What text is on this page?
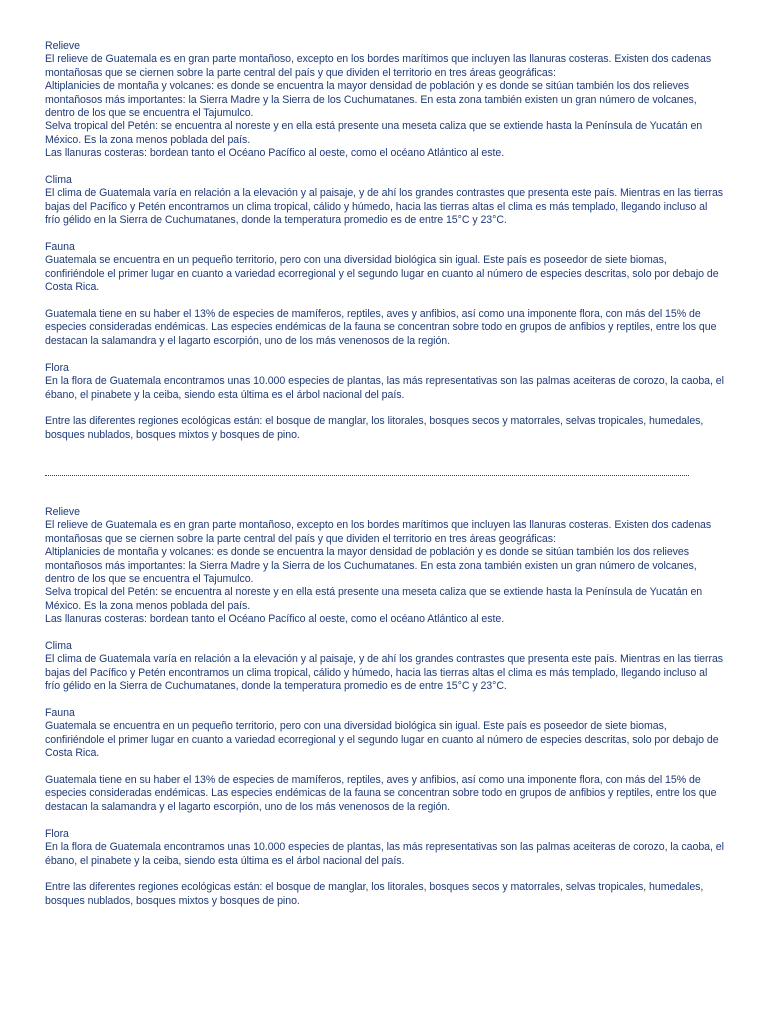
Relieve
El relieve de Guatemala es en gran parte montañoso, excepto en los bordes marítimos que incluyen las llanuras costeras. Existen dos cadenas montañosas que se ciernen sobre la parte central del país y que dividen el territorio en tres áreas geográficas:
Altiplanicies de montaña y volcanes: es donde se encuentra la mayor densidad de población y es donde se sitúan también los dos relieves montañosos más importantes: la Sierra Madre y la Sierra de los Cuchumatanes. En esta zona también existen un gran número de volcanes, dentro de los que se encuentra el Tajumulco.
Selva tropical del Petén: se encuentra al noreste y en ella está presente una meseta caliza que se extiende hasta la Península de Yucatán en México. Es la zona menos poblada del país.
Las llanuras costeras: bordean tanto el Océano Pacífico al oeste, como el océano Atlántico al este.
Clima
El clima de Guatemala varía en relación a la elevación y al paisaje, y de ahí los grandes contrastes que presenta este país. Mientras en las tierras bajas del Pacífico y Petén encontramos un clima tropical, cálido y húmedo, hacia las tierras altas el clima es más templado, llegando incluso al frío gélido en la Sierra de Cuchumatanes, donde la temperatura promedio es de entre 15°C y 23°C.
Fauna

Guatemala se encuentra en un pequeño territorio, pero con una diversidad biológica sin igual. Este país es poseedor de siete biomas, confiriéndole el primer lugar en cuanto a variedad ecorregional y el segundo lugar en cuanto al número de especies descritas, solo por debajo de Costa Rica.

Guatemala tiene en su haber el 13% de especies de mamíferos, reptiles, aves y anfibios, así como una imponente flora, con más del 15% de especies consideradas endémicas. Las especies endémicas de la fauna se concentran sobre todo en grupos de anfibios y reptiles, entre los que destacan la salamandra y el lagarto escorpión, uno de los más venenosos de la región.

Flora

En la flora de Guatemala encontramos unas 10.000 especies de plantas, las más representativas son las palmas aceiteras de corozo, la caoba, el ébano, el pinabete y la ceiba, siendo esta última es el árbol nacional del país.

Entre las diferentes regiones ecológicas están: el bosque de manglar, los litorales, bosques secos y matorrales, selvas tropicales, humedales, bosques nublados, bosques mixtos y bosques de pino.

Relieve
El relieve de Guatemala es en gran parte montañoso, excepto en los bordes marítimos que incluyen las llanuras costeras. Existen dos cadenas montañosas que se ciernen sobre la parte central del país y que dividen el territorio en tres áreas geográficas:
Altiplanicies de montaña y volcanes: es donde se encuentra la mayor densidad de población y es donde se sitúan también los dos relieves montañosos más importantes: la Sierra Madre y la Sierra de los Cuchumatanes. En esta zona también existen un gran número de volcanes, dentro de los que se encuentra el Tajumulco.
Selva tropical del Petén: se encuentra al noreste y en ella está presente una meseta caliza que se extiende hasta la Península de Yucatán en México. Es la zona menos poblada del país.
Las llanuras costeras: bordean tanto el Océano Pacífico al oeste, como el océano Atlántico al este.
Clima
El clima de Guatemala varía en relación a la elevación y al paisaje, y de ahí los grandes contrastes que presenta este país. Mientras en las tierras bajas del Pacífico y Petén encontramos un clima tropical, cálido y húmedo, hacia las tierras altas el clima es más templado, llegando incluso al frío gélido en la Sierra de Cuchumatanes, donde la temperatura promedio es de entre 15°C y 23°C.
Fauna

Guatemala se encuentra en un pequeño territorio, pero con una diversidad biológica sin igual. Este país es poseedor de siete biomas, confiriéndole el primer lugar en cuanto a variedad ecorregional y el segundo lugar en cuanto al número de especies descritas, solo por debajo de Costa Rica.

Guatemala tiene en su haber el 13% de especies de mamíferos, reptiles, aves y anfibios, así como una imponente flora, con más del 15% de especies consideradas endémicas. Las especies endémicas de la fauna se concentran sobre todo en grupos de anfibios y reptiles, entre los que destacan la salamandra y el lagarto escorpión, uno de los más venenosos de la región.

Flora

En la flora de Guatemala encontramos unas 10.000 especies de plantas, las más representativas son las palmas aceiteras de corozo, la caoba, el ébano, el pinabete y la ceiba, siendo esta última es el árbol nacional del país.

Entre las diferentes regiones ecológicas están: el bosque de manglar, los litorales, bosques secos y matorrales, selvas tropicales, humedales, bosques nublados, bosques mixtos y bosques de pino.
